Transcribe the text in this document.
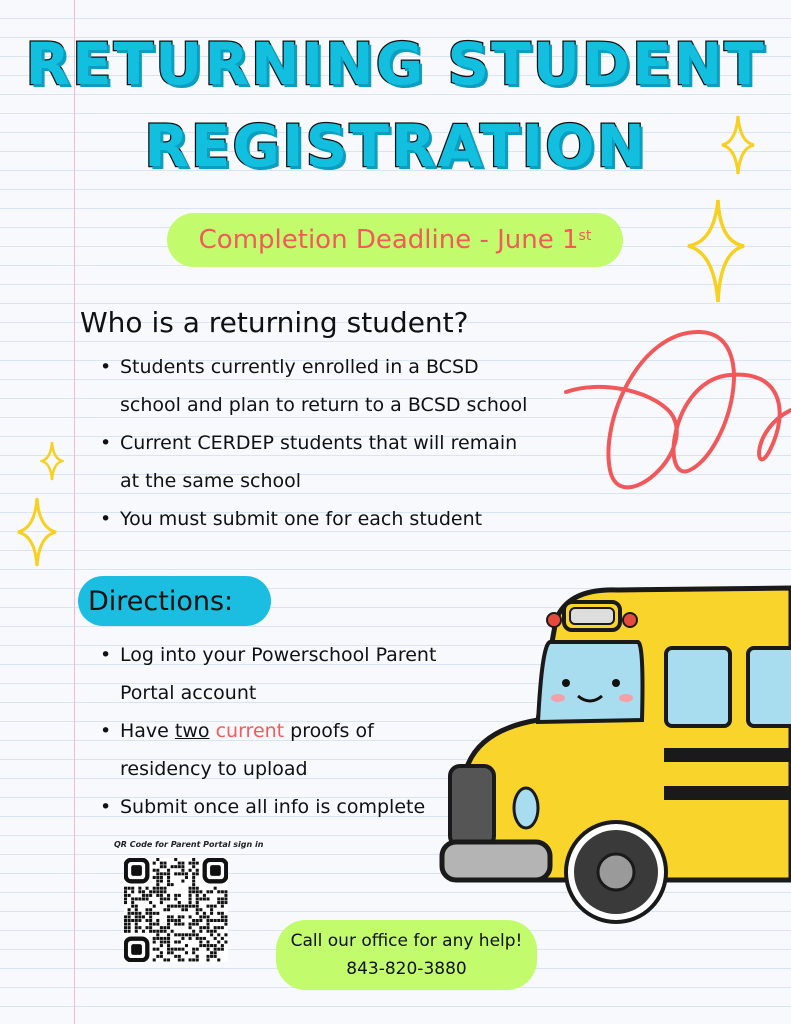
RETURNING STUDENT
REGISTRATION
Completion Deadline - June 1st
Who is a returning student?
• Students currently enrolled in a BCSD school and plan to return to a BCSD school
• Current CERDEP students that will remain at the same school
• You must submit one for each student
Directions:
• Log into your Powerschool Parent Portal account
• Have two current proofs of residency to upload
• Submit once all info is complete
QR Code for Parent Portal sign in
Call our office for any help!
843-820-3880
